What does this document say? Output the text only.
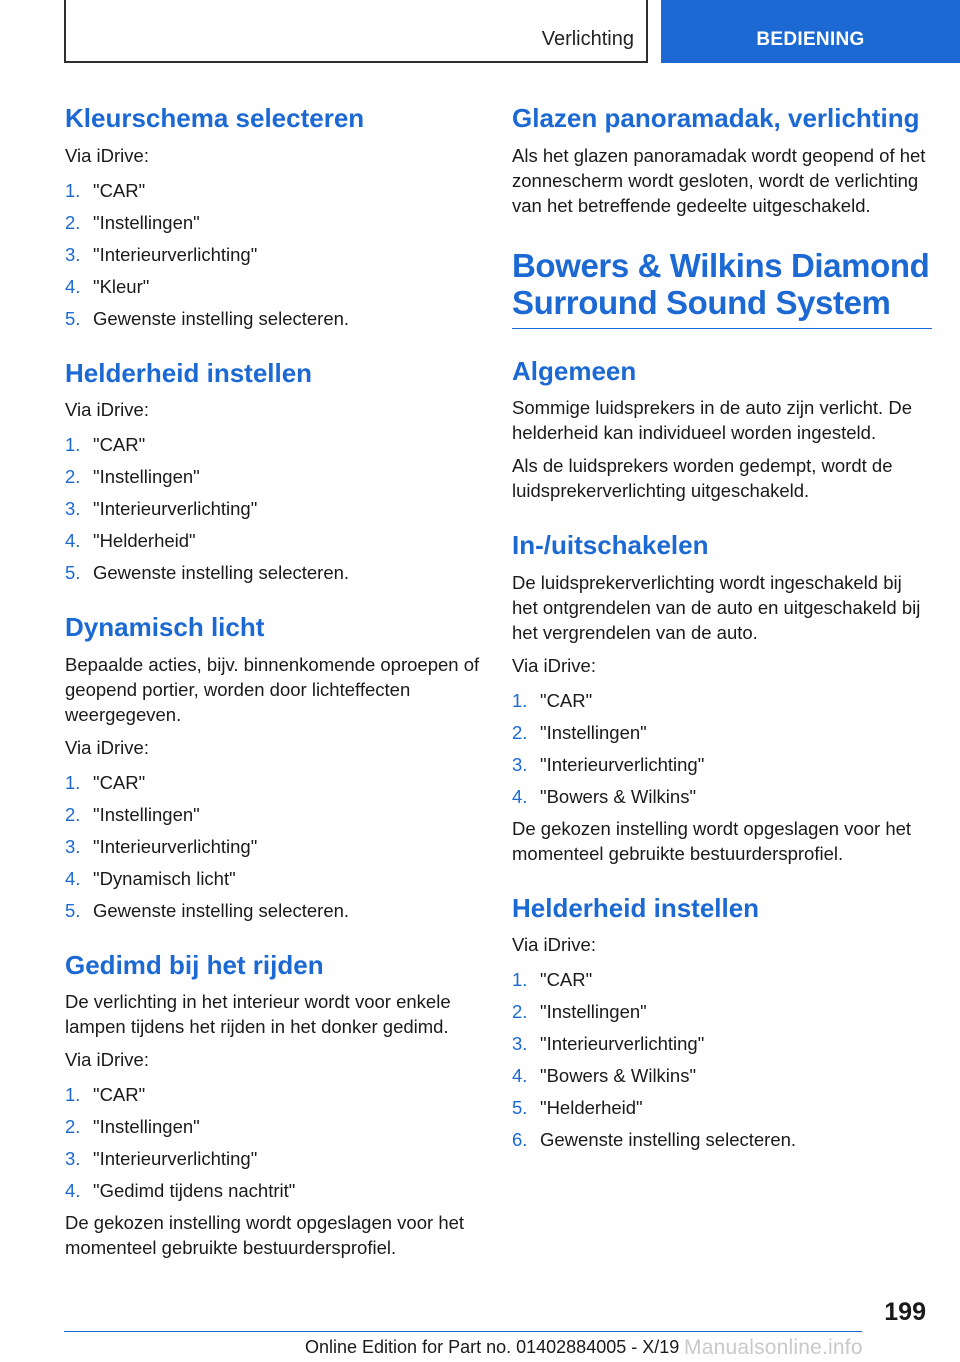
Verlichting	BEDIENING
Kleurschema selecteren

Via iDrive:

1. "CAR"
2. "Instellingen"
3. "Interieurverlichting"
4. "Kleur"
5. Gewenste instelling selecteren.
Helderheid instellen

Via iDrive:

1. "CAR"
2. "Instellingen"
3. "Interieurverlichting"
4. "Helderheid"
5. Gewenste instelling selecteren.
Dynamisch licht

Bepaalde acties, bijv. binnenkomende oproepen of geopend portier, worden door lichteffecten weergegeven.

Via iDrive:

1. "CAR"
2. "Instellingen"
3. "Interieurverlichting"
4. "Dynamisch licht"
5. Gewenste instelling selecteren.
Gedimd bij het rijden

De verlichting in het interieur wordt voor enkele lampen tijdens het rijden in het donker gedimd.

Via iDrive:

1. "CAR"
2. "Instellingen"
3. "Interieurverlichting"
4. "Gedimd tijdens nachtrit"

De gekozen instelling wordt opgeslagen voor het momenteel gebruikte bestuurdersprofiel.

Glazen panoramadak, verlichting

Als het glazen panoramadak wordt geopend of het zonnescherm wordt gesloten, wordt de verlichting van het betreffende gedeelte uitgeschakeld.

Bowers & Wilkins Diamond Surround Sound System
Algemeen

Sommige luidsprekers in de auto zijn verlicht. De helderheid kan individueel worden ingesteld.

Als de luidsprekers worden gedempt, wordt de luidsprekerverlichting uitgeschakeld.

In-/uitschakelen

De luidsprekerverlichting wordt ingeschakeld bij het ontgrendelen van de auto en uitgeschakeld bij het vergrendelen van de auto.

Via iDrive:

1. "CAR"
2. "Instellingen"
3. "Interieurverlichting"
4. "Bowers & Wilkins"

De gekozen instelling wordt opgeslagen voor het momenteel gebruikte bestuurdersprofiel.

Helderheid instellen

Via iDrive:

1. "CAR"
2. "Instellingen"
3. "Interieurverlichting"
4. "Bowers & Wilkins"
5. "Helderheid"
6. Gewenste instelling selecteren.
199
Online Edition for Part no. 01402884005 - X/19 Manualsonline.info
